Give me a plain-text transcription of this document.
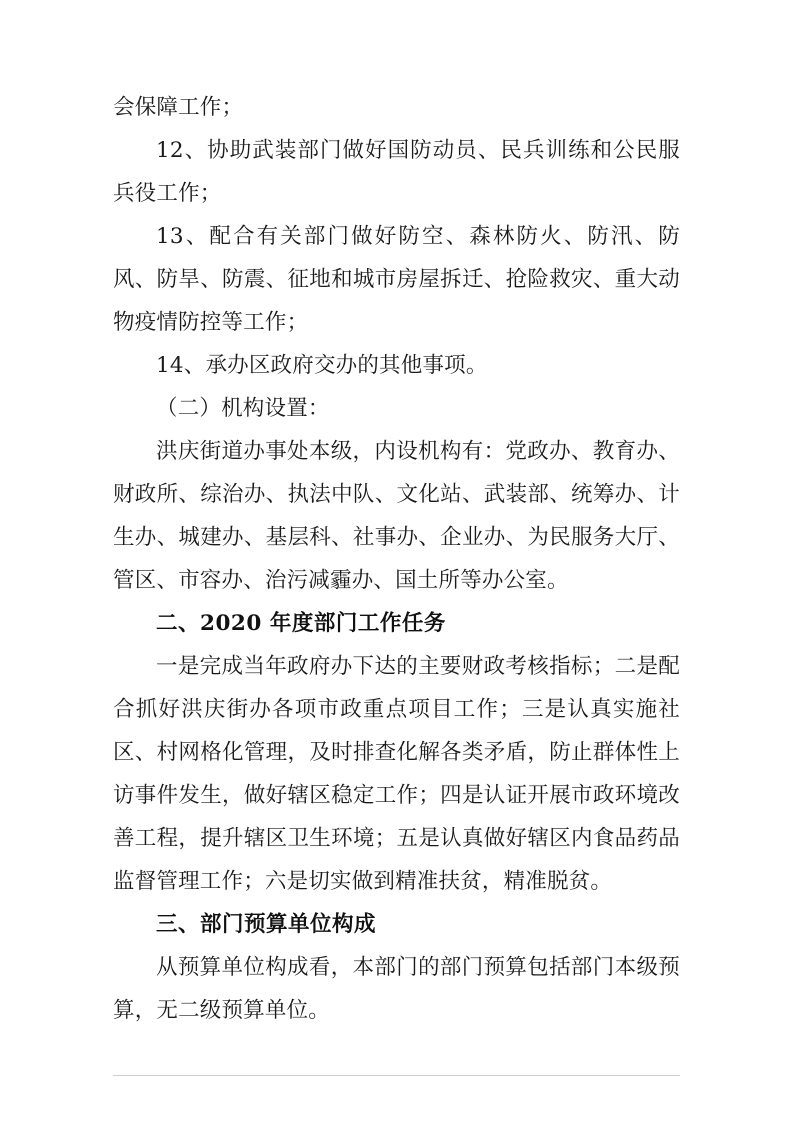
会保障工作；

12、协助武装部门做好国防动员、民兵训练和公民服兵役工作；

13、配合有关部门做好防空、森林防火、防汛、防风、防旱、防震、征地和城市房屋拆迁、抢险救灾、重大动物疫情防控等工作；

14、承办区政府交办的其他事项。

（二）机构设置：

洪庆街道办事处本级，内设机构有：党政办、教育办、财政所、综治办、执法中队、文化站、武装部、统筹办、计生办、城建办、基层科、社事办、企业办、为民服务大厅、管区、市容办、治污减霾办、国土所等办公室。

二、2020 年度部门工作任务

一是完成当年政府办下达的主要财政考核指标；二是配合抓好洪庆街办各项市政重点项目工作；三是认真实施社区、村网格化管理，及时排查化解各类矛盾，防止群体性上访事件发生，做好辖区稳定工作；四是认证开展市政环境改善工程，提升辖区卫生环境；五是认真做好辖区内食品药品监督管理工作；六是切实做到精准扶贫，精准脱贫。

三、部门预算单位构成

从预算单位构成看，本部门的部门预算包括部门本级预算，无二级预算单位。
